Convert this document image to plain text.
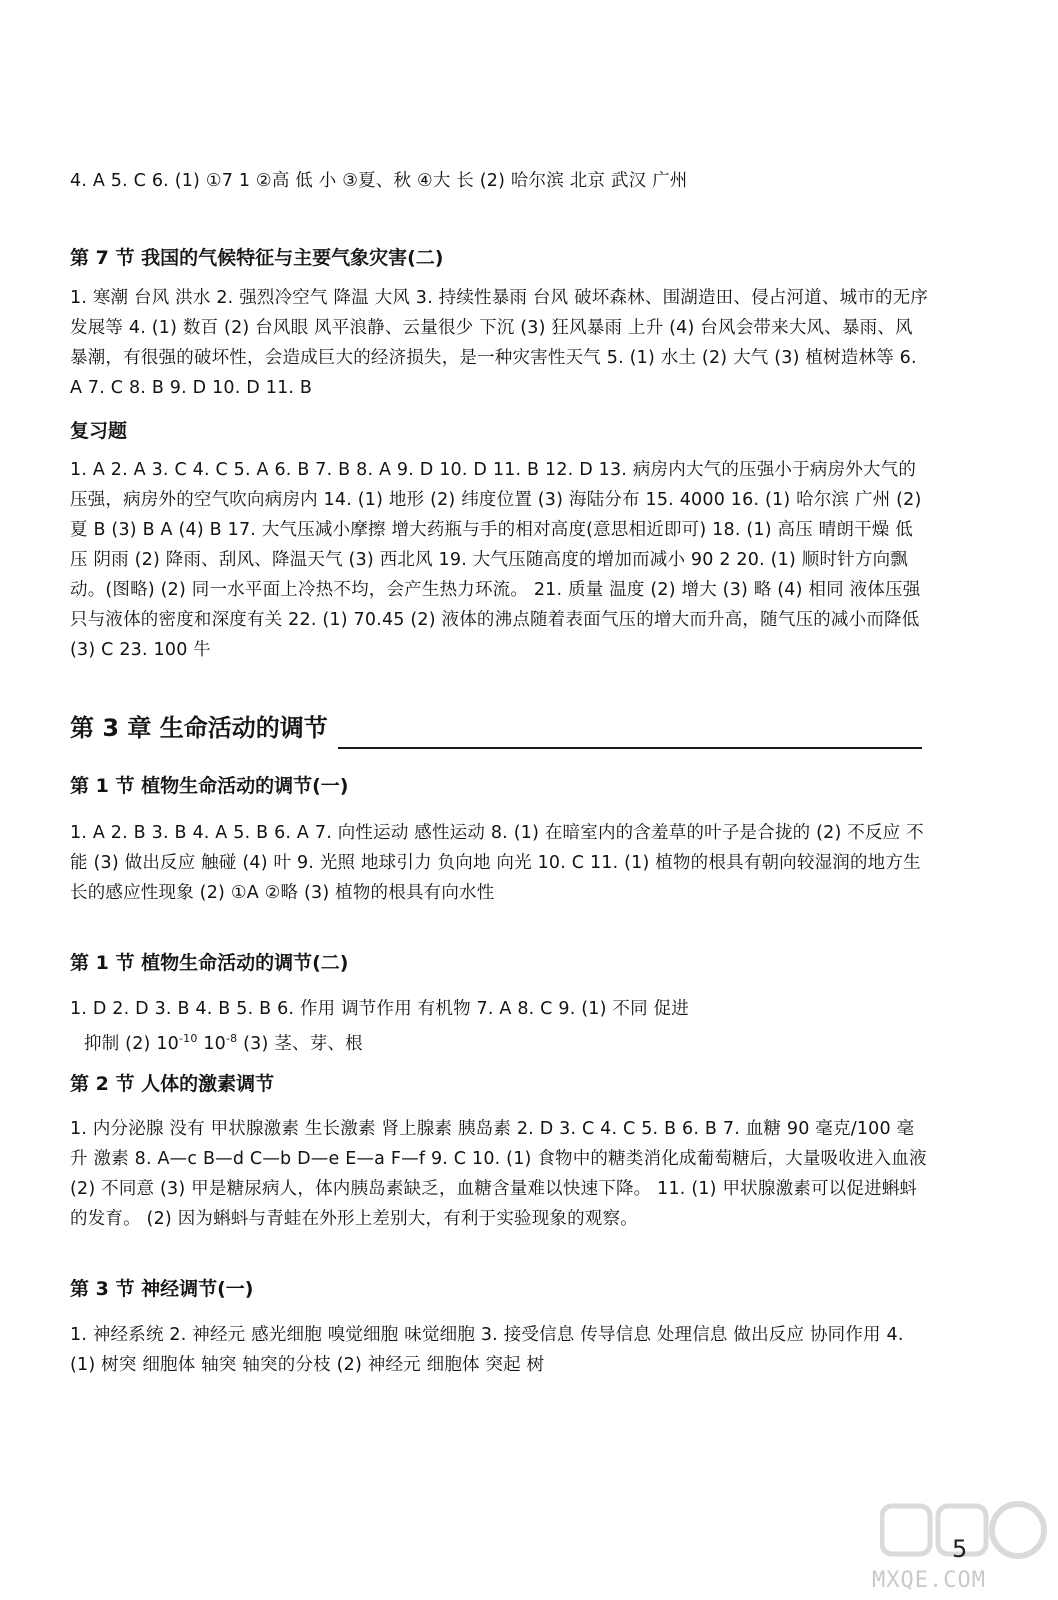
4. A 5. C 6. (1) ①7 1 ②高 低 小 ③夏、秋 ④大 长 (2) 哈尔滨 北京 武汉 广州

第 7 节 我国的气候特征与主要气象灾害(二)

1. 寒潮 台风 洪水 2. 强烈冷空气 降温 大风 3. 持续性暴雨 台风 破坏森林、围湖造田、侵占河道、城市的无序发展等 4. (1) 数百 (2) 台风眼 风平浪静、云量很少 下沉 (3) 狂风暴雨 上升 (4) 台风会带来大风、暴雨、风暴潮，有很强的破坏性，会造成巨大的经济损失，是一种灾害性天气 5. (1) 水土 (2) 大气 (3) 植树造林等 6. A 7. C 8. B 9. D 10. D 11. B

复习题

1. A 2. A 3. C 4. C 5. A 6. B 7. B 8. A 9. D 10. D 11. B 12. D 13. 病房内大气的压强小于病房外大气的压强，病房外的空气吹向病房内 14. (1) 地形 (2) 纬度位置 (3) 海陆分布 15. 4000 16. (1) 哈尔滨 广州 (2) 夏 B (3) B A (4) B 17. 大气压减小摩擦 增大药瓶与手的相对高度(意思相近即可) 18. (1) 高压 晴朗干燥 低压 阴雨 (2) 降雨、刮风、降温天气 (3) 西北风 19. 大气压随高度的增加而减小 90 2 20. (1) 顺时针方向飘动。(图略) (2) 同一水平面上冷热不均，会产生热力环流。 21. 质量 温度 (2) 增大 (3) 略 (4) 相同 液体压强只与液体的密度和深度有关 22. (1) 70.45 (2) 液体的沸点随着表面气压的增大而升高，随气压的减小而降低 (3) C 23. 100 牛

第 3 章 生命活动的调节
第 1 节 植物生命活动的调节(一)

1. A 2. B 3. B 4. A 5. B 6. A 7. 向性运动 感性运动 8. (1) 在暗室内的含羞草的叶子是合拢的 (2) 不反应 不能 (3) 做出反应 触碰 (4) 叶 9. 光照 地球引力 负向地 向光 10. C 11. (1) 植物的根具有朝向较湿润的地方生长的感应性现象 (2) ①A ②略 (3) 植物的根具有向水性

第 1 节 植物生命活动的调节(二)
1. D 2. D 3. B 4. B 5. B 6. 作用 调节作用 有机物 7. A 8. C 9. (1) 不同 促进
抑制 (2) $10^{-10}$ $10^{-8}$ (3) 茎、芽、根
第 2 节 人体的激素调节

1. 内分泌腺 没有 甲状腺激素 生长激素 肾上腺素 胰岛素 2. D 3. C 4. C 5. B 6. B 7. 血糖 90 毫克/100 毫升 激素 8. A—c B—d C—b D—e E—a F—f 9. C 10. (1) 食物中的糖类消化成葡萄糖后，大量吸收进入血液 (2) 不同意 (3) 甲是糖尿病人，体内胰岛素缺乏，血糖含量难以快速下降。 11. (1) 甲状腺激素可以促进蝌蚪的发育。 (2) 因为蝌蚪与青蛙在外形上差别大，有利于实验现象的观察。

第 3 节 神经调节(一)

1. 神经系统 2. 神经元 感光细胞 嗅觉细胞 味觉细胞 3. 接受信息 传导信息 处理信息 做出反应 协同作用 4. (1) 树突 细胞体 轴突 轴突的分枝 (2) 神经元 细胞体 突起 树

5
MXQE.COM
